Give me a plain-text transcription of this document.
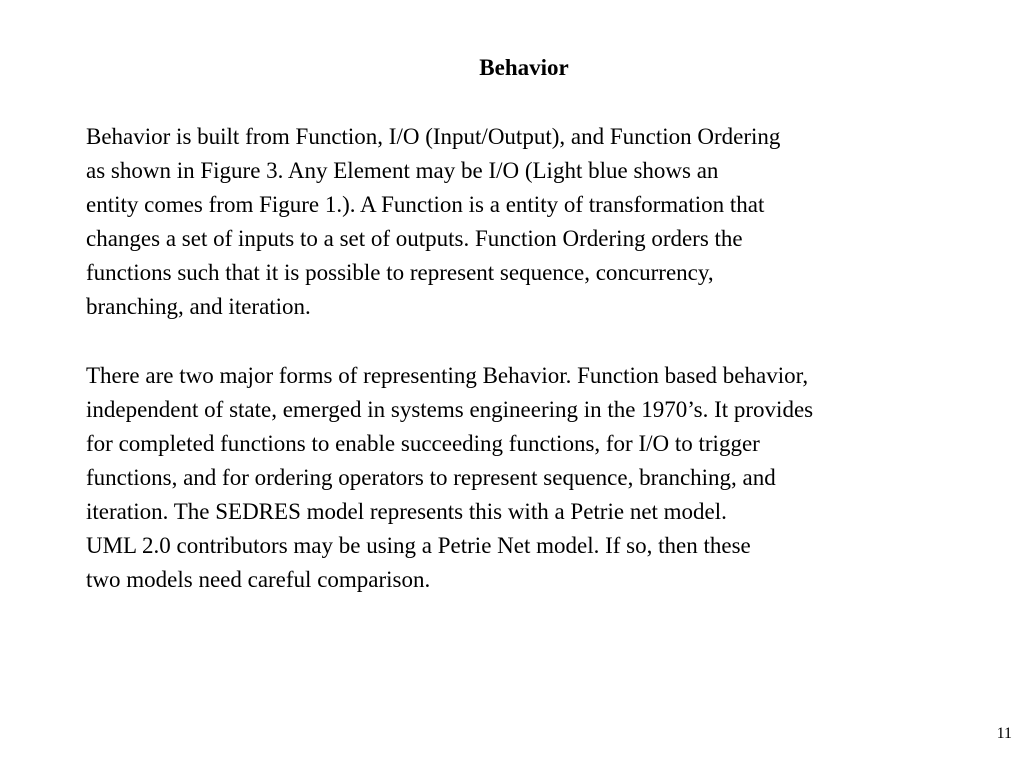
Behavior
Behavior is built from Function, I/O (Input/Output), and Function Ordering
as shown in Figure 3. Any Element may be I/O (Light blue shows an
entity comes from Figure 1.). A Function is a entity of transformation that
changes a set of inputs to a set of outputs. Function Ordering orders the
functions such that it is possible to represent sequence, concurrency,
branching, and iteration.
There are two major forms of representing Behavior. Function based behavior,
independent of state, emerged in systems engineering in the 1970’s. It provides
for completed functions to enable succeeding functions, for I/O to trigger
functions, and for ordering operators to represent sequence, branching, and
iteration. The SEDRES model represents this with a Petrie net model.
UML 2.0 contributors may be using a Petrie Net model. If so, then these
two models need careful comparison.
11
